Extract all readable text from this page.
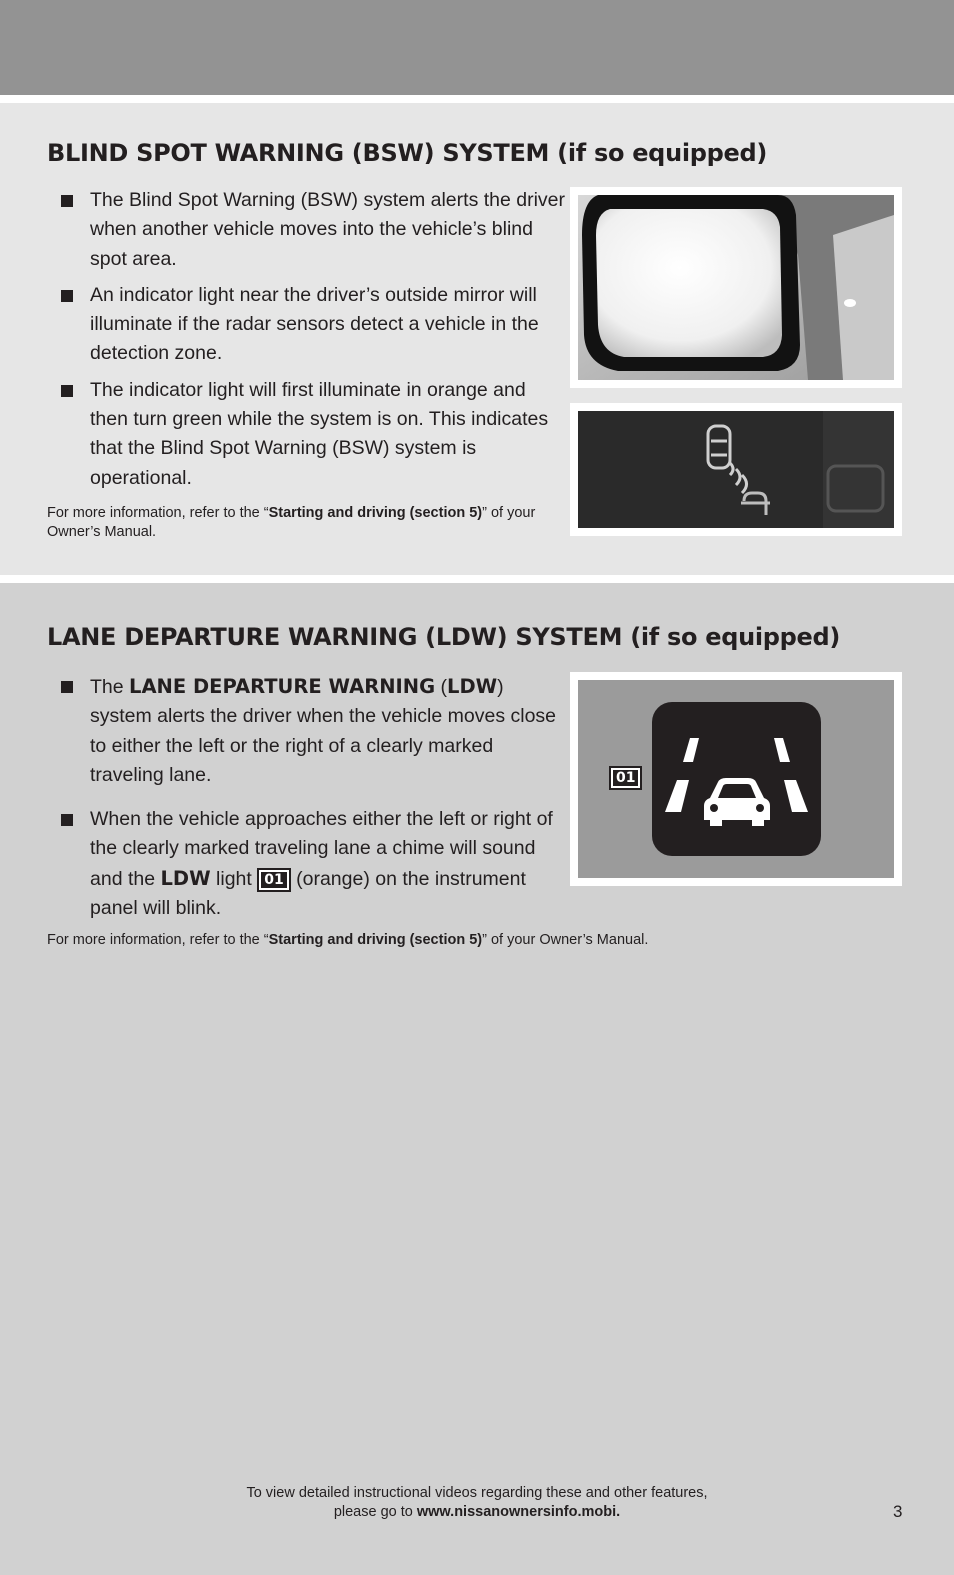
BLIND SPOT WARNING (BSW) SYSTEM (if so equipped)
The Blind Spot Warning (BSW) system alerts the driver when another vehicle moves into the vehicle’s blind spot area.
An indicator light near the driver’s outside mirror will illuminate if the radar sensors detect a vehicle in the detection zone.
The indicator light will first illuminate in orange and then turn green while the system is on. This indicates that the Blind Spot Warning (BSW) system is operational.

For more information, refer to the “Starting and driving (section 5)” of your Owner’s Manual.

LANE DEPARTURE WARNING (LDW) SYSTEM (if so equipped)
The LANE DEPARTURE WARNING (LDW) system alerts the driver when the vehicle moves close to either the left or the right of a clearly marked traveling lane.
When the vehicle approaches either the left or right of the clearly marked traveling lane a chime will sound and the LDW light 01 (orange) on the instrument panel will blink.

For more information, refer to the “Starting and driving (section 5)” of your Owner’s Manual.

01
To view detailed instructional videos regarding these and other features,
please go to www.nissanownersinfo.mobi.	3
